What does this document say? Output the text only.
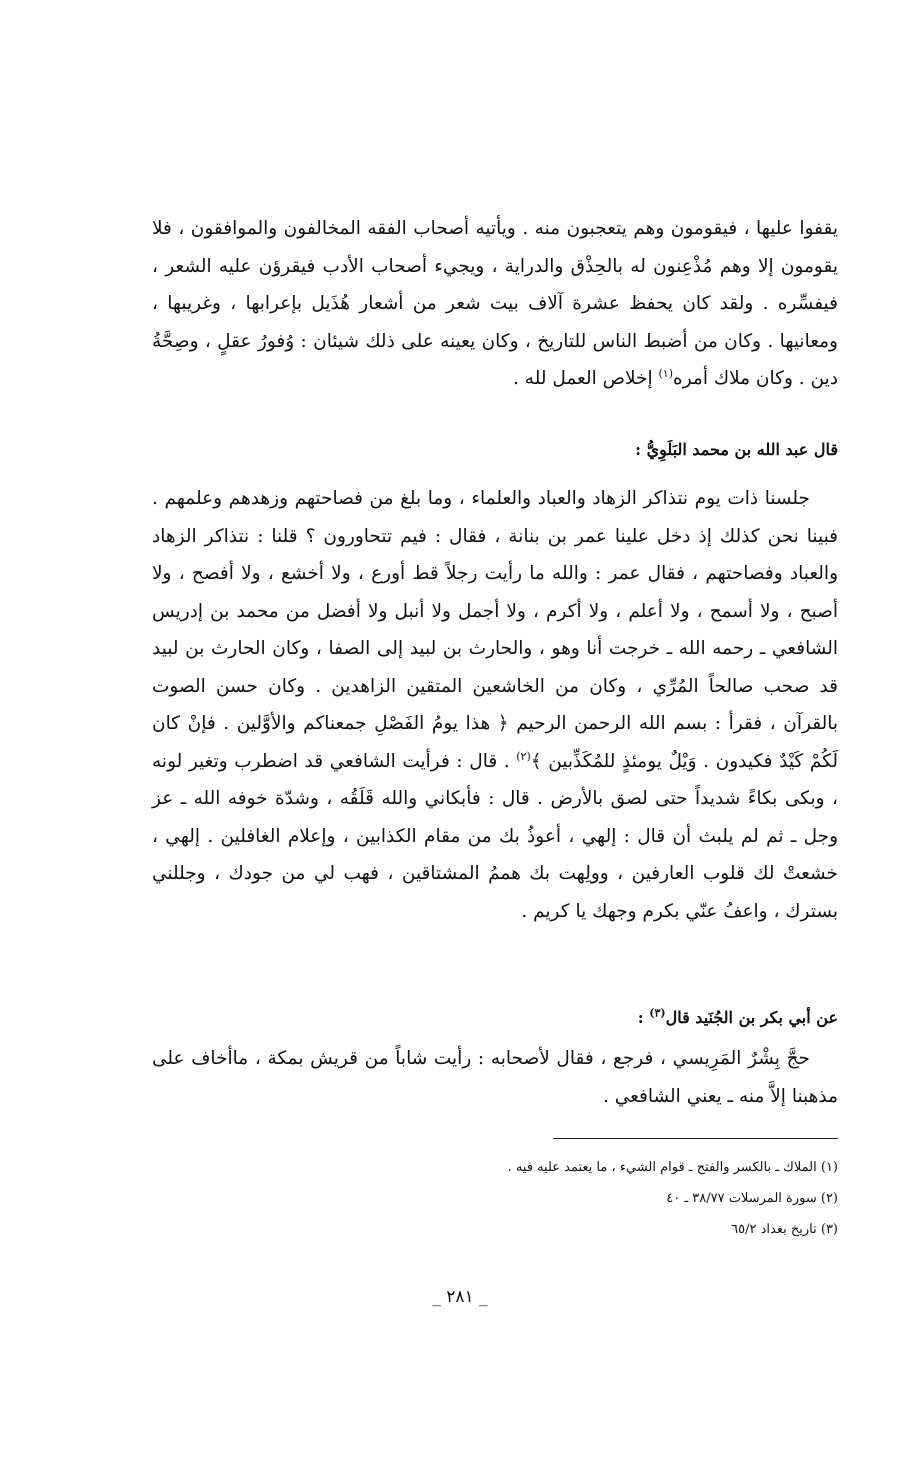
يقفوا عليها ، فيقومون وهم يتعجبون منه . ويأتيه أصحاب الفقه المخالفون والموافقون ، فلا يقومون إلا وهم مُذْعِنون له بالحِذْق والدراية ، ويجيء أصحاب الأدب فيقرؤن عليه الشعر ، فيفسِّره . ولقد كان يحفظ عشرة آلاف بيت شعر من أشعار هُذَيل بإعرابها ، وغريبها ، ومعانيها . وكان من أضبط الناس للتاريخ ، وكان يعينه على ذلك شيئان : وُفورُ عقلٍ ، وصِحَّةُ دين . وكان ملاك أمره$^{(١)}$ إخلاص العمل لله .

قال عبد الله بن محمد البَلَوِيُّ :

جلسنا ذات يوم نتذاكر الزهاد والعباد والعلماء ، وما بلغ من فصاحتهم وزهدهم وعلمهم . فبينا نحن كذلك إذ دخل علينا عمر بن بنانة ، فقال : فيم تتحاورون ؟ قلنا : نتذاكر الزهاد والعباد وفصاحتهم ، فقال عمر : والله ما رأيت رجلاً قط أورع ، ولا أخشع ، ولا أفصح ، ولا أصبح ، ولا أسمح ، ولا أعلم ، ولا أكرم ، ولا أجمل ولا أنبل ولا أفضل من محمد بن إدريس الشافعي ـ رحمه الله ـ خرجت أنا وهو ، والحارث بن لبيد إلى الصفا ، وكان الحارث بن لبيد قد صحب صالحاً المُرِّي ، وكان من الخاشعين المتقين الزاهدين . وكان حسن الصوت بالقرآن ، فقرأ : بسم الله الرحمن الرحيم ﴿ هذا يومُ الفَصْلِ جمعناكم والأوَّلين . فإنْ كان لَكُمْ كَيْدٌ فكيدون . وَيْلٌ يومئذٍ للمُكَذِّبين ﴾$^{(٢)}$ . قال : فرأيت الشافعي قد اضطرب وتغير لونه ، وبكى بكاءً شديداً حتى لصق بالأرض . قال : فأبكاني والله قَلَقُه ، وشدّة خوفه الله ـ عز وجل ـ ثم لم يلبث أن قال : إلهي ، أعوذُ بك من مقام الكذابين ، وإعلام الغافلين . إلهي ، خشعتْ لك قلوب العارفين ، وولِهت بك هممُ المشتاقين ، فهب لي من جودك ، وجللني بسترك ، واعفُ عنّي بكرم وجهك يا كريم .

عن أبي بكر بن الجُنَيد قال$^{(٣)}$ :

حجَّ بِشْرٌ المَرِيسي ، فرجع ، فقال لأصحابه : رأيت شاباً من قريش بمكة ، ماأخاف على مذهبنا إلاَّ منه ـ يعني الشافعي .

(١) الملاك ـ بالكسر والفتح ـ قوام الشيء ، ما يعتمد عليه فيه .

(٢) سورة المرسلات ٣٨/٧٧ ـ ٤٠

(٣) تاريخ بغداد ٦٥/٢

_ ٢٨١ _
